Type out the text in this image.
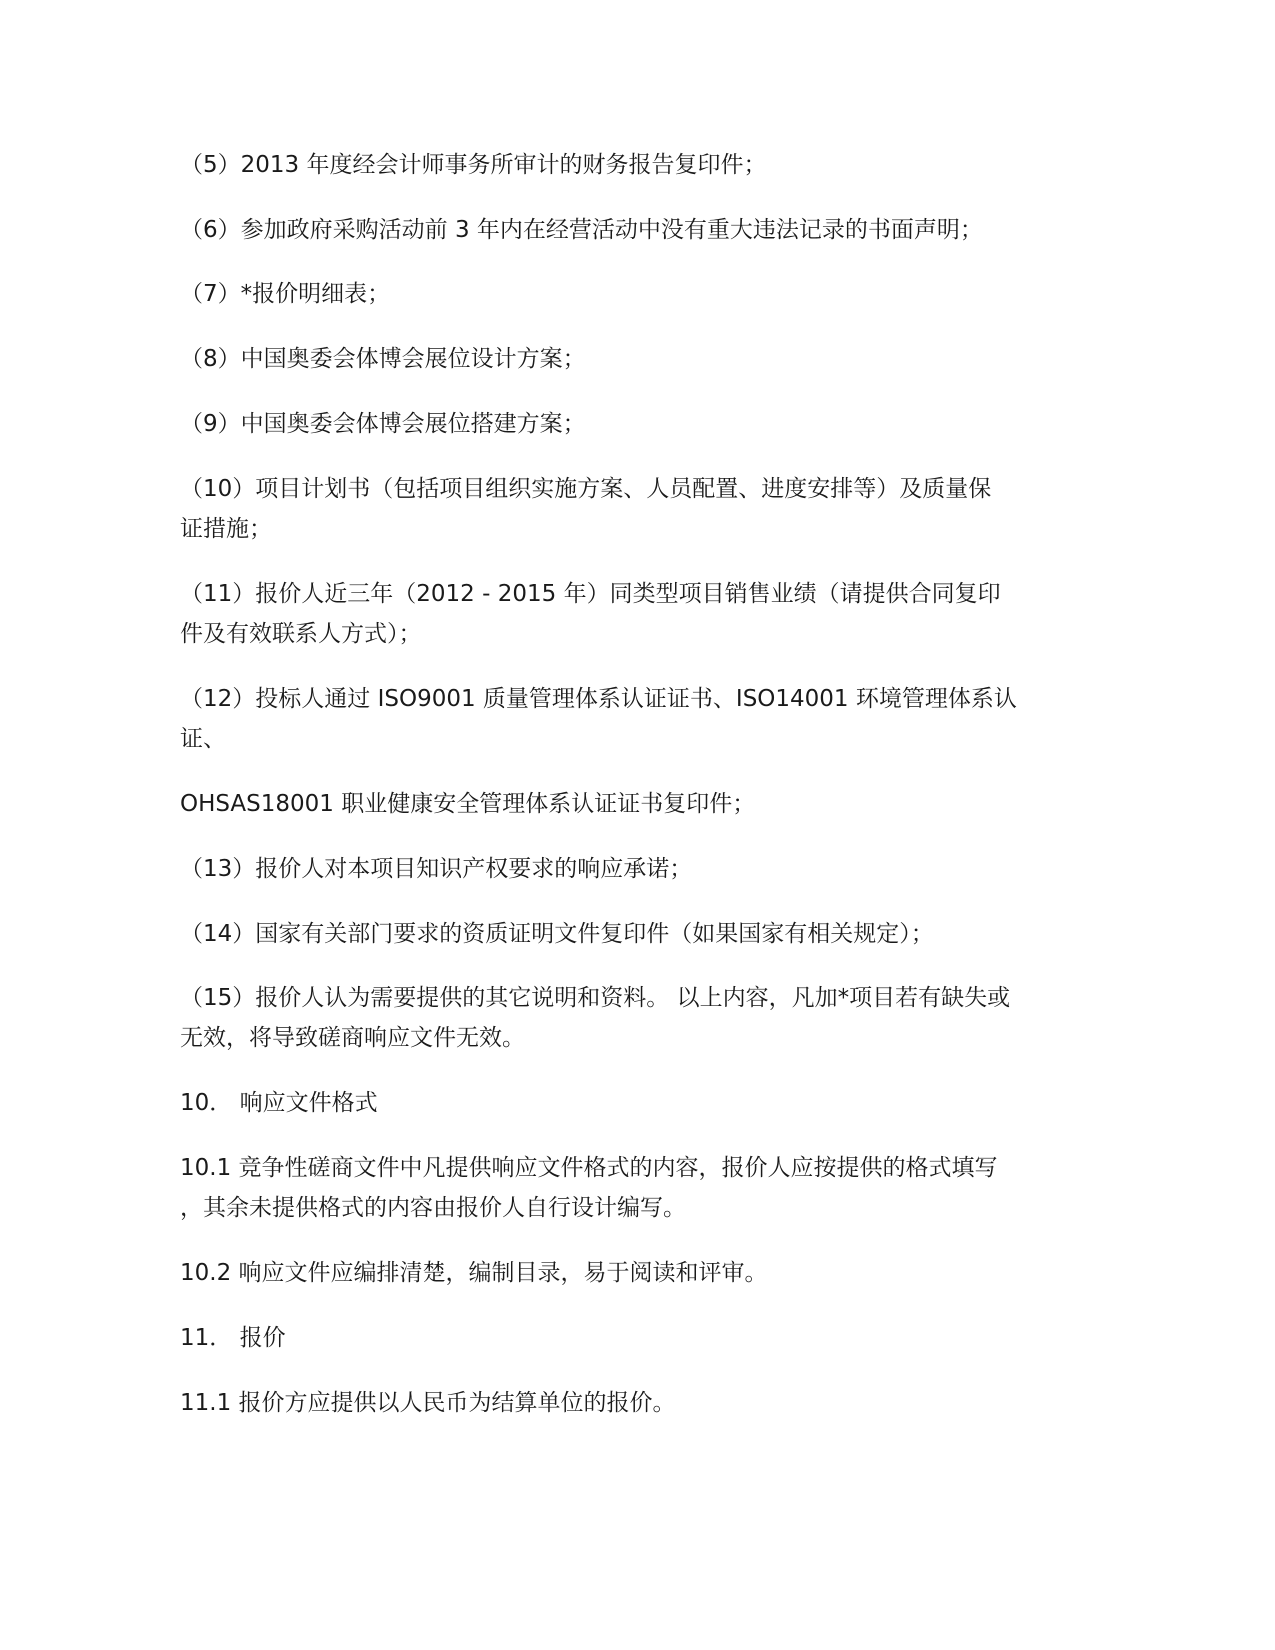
（5）2013 年度经会计师事务所审计的财务报告复印件；
（6）参加政府采购活动前 3 年内在经营活动中没有重大违法记录的书面声明；
（7）*报价明细表；
（8）中国奥委会体博会展位设计方案；
（9）中国奥委会体博会展位搭建方案；
（10）项目计划书（包括项目组织实施方案、人员配置、进度安排等）及质量保
证措施；
（11）报价人近三年（2012 - 2015 年）同类型项目销售业绩（请提供合同复印
件及有效联系人方式）；
（12）投标人通过 ISO9001 质量管理体系认证证书、ISO14001 环境管理体系认
证、
OHSAS18001 职业健康安全管理体系认证证书复印件；
（13）报价人对本项目知识产权要求的响应承诺；
（14）国家有关部门要求的资质证明文件复印件（如果国家有相关规定）；
（15）报价人认为需要提供的其它说明和资料。 以上内容，凡加*项目若有缺失或
无效，将导致磋商响应文件无效。
10． 响应文件格式
10.1 竞争性磋商文件中凡提供响应文件格式的内容，报价人应按提供的格式填写
，其余未提供格式的内容由报价人自行设计编写。
10.2 响应文件应编排清楚，编制目录，易于阅读和评审。
11． 报价
11.1 报价方应提供以人民币为结算单位的报价。
